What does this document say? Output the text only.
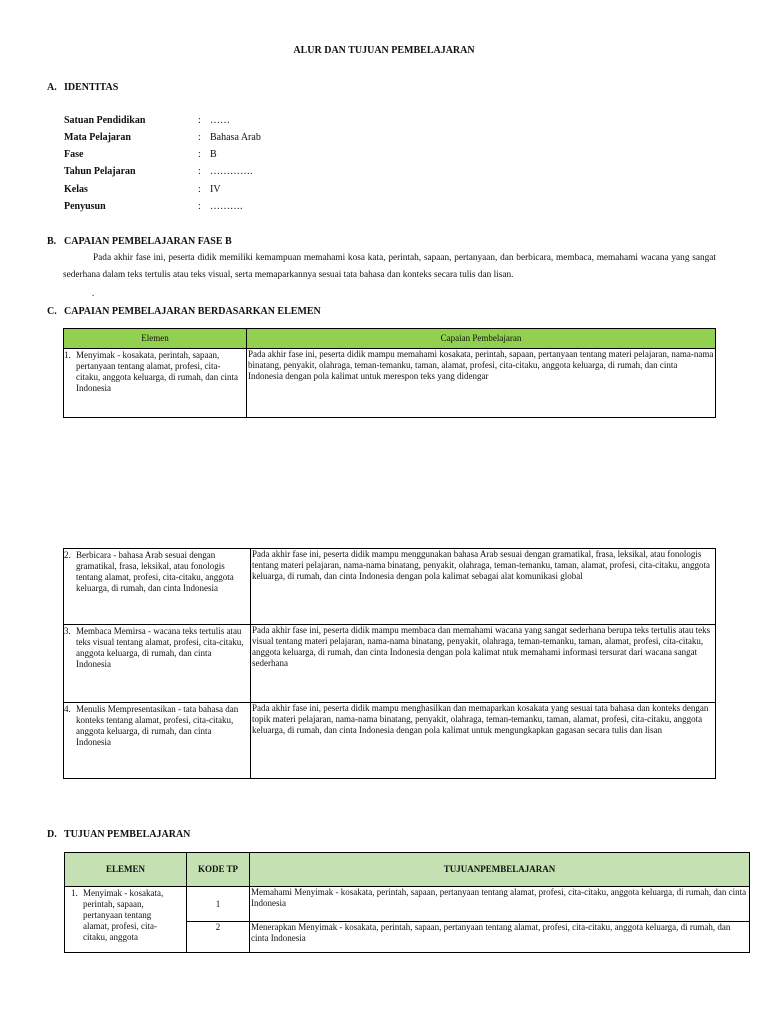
ALUR DAN TUJUAN PEMBELAJARAN
A. IDENTITAS
Satuan Pendidikan	: ……
Mata Pelajaran	: Bahasa Arab
Fase	: B
Tahun Pelajaran	: ………….
Kelas	: IV
Penyusun	: ……….
B. CAPAIAN PEMBELAJARAN FASE B

Pada akhir fase ini, peserta didik memiliki kemampuan memahami kosa kata, perintah, sapaan, pertanyaan, dan berbicara, membaca, memahami wacana yang sangat sederhana dalam teks tertulis atau teks visual, serta memaparkannya sesuai tata bahasa dan konteks secara tulis dan lisan.

.
C. CAPAIAN PEMBELAJARAN BERDASARKAN ELEMEN
Elemen	Capaian Pembelajaran

1. Menyimak - kosakata, perintah, sapaan, pertanyaan tentang alamat, profesi, cita-citaku, anggota keluarga, di rumah, dan cinta Indonesia	Pada akhir fase ini, peserta didik mampu memahami kosakata, perintah, sapaan, pertanyaan tentang materi pelajaran, nama-nama binatang, penyakit, olahraga, teman-temanku, taman, alamat, profesi, cita-citaku, anggota keluarga, di rumah, dan cinta Indonesia dengan pola kalimat untuk merespon teks yang didengar
2. Berbicara - bahasa Arab sesuai dengan gramatikal, frasa, leksikal, atau fonologis tentang alamat, profesi, cita-citaku, anggota keluarga, di rumah, dan cinta Indonesia	Pada akhir fase ini, peserta didik mampu menggunakan bahasa Arab sesuai dengan gramatikal, frasa, leksikal, atau fonologis tentang materi pelajaran, nama-nama binatang, penyakit, olahraga, teman-temanku, taman, alamat, profesi, cita-citaku, anggota keluarga, di rumah, dan cinta Indonesia dengan pola kalimat sebagai alat komunikasi global

3. Membaca Memirsa - wacana teks tertulis atau teks visual tentang alamat, profesi, cita-citaku, anggota keluarga, di rumah, dan cinta Indonesia	Pada akhir fase ini, peserta didik mampu membaca dan memahami wacana yang sangat sederhana berupa teks tertulis atau teks visual tentang materi pelajaran, nama-nama binatang, penyakit, olahraga, teman-temanku, taman, alamat, profesi, cita-citaku, anggota keluarga, di rumah, dan cinta Indonesia dengan pola kalimat ntuk memahami informasi tersurat dari wacana sangat sederhana

4. Menulis Mempresentasikan - tata bahasa dan konteks tentang alamat, profesi, cita-citaku, anggota keluarga, di rumah, dan cinta Indonesia	Pada akhir fase ini, peserta didik mampu menghasilkan dan memaparkan kosakata yang sesuai tata bahasa dan konteks dengan topik materi pelajaran, nama-nama binatang, penyakit, olahraga, teman-temanku, taman, alamat, profesi, cita-citaku, anggota keluarga, di rumah, dan cinta Indonesia dengan pola kalimat untuk mengungkapkan gagasan secara tulis dan lisan
D. TUJUAN PEMBELAJARAN
ELEMEN	KODE TP	TUJUANPEMBELAJARAN

1. Menyimak - kosakata, perintah, sapaan, pertanyaan tentang alamat, profesi, cita-citaku, anggota	1	Memahami Menyimak - kosakata, perintah, sapaan, pertanyaan tentang alamat, profesi, cita-citaku, anggota keluarga, di rumah, dan cinta Indonesia
	2	Menerapkan Menyimak - kosakata, perintah, sapaan, pertanyaan tentang alamat, profesi, cita-citaku, anggota keluarga, di rumah, dan cinta Indonesia
